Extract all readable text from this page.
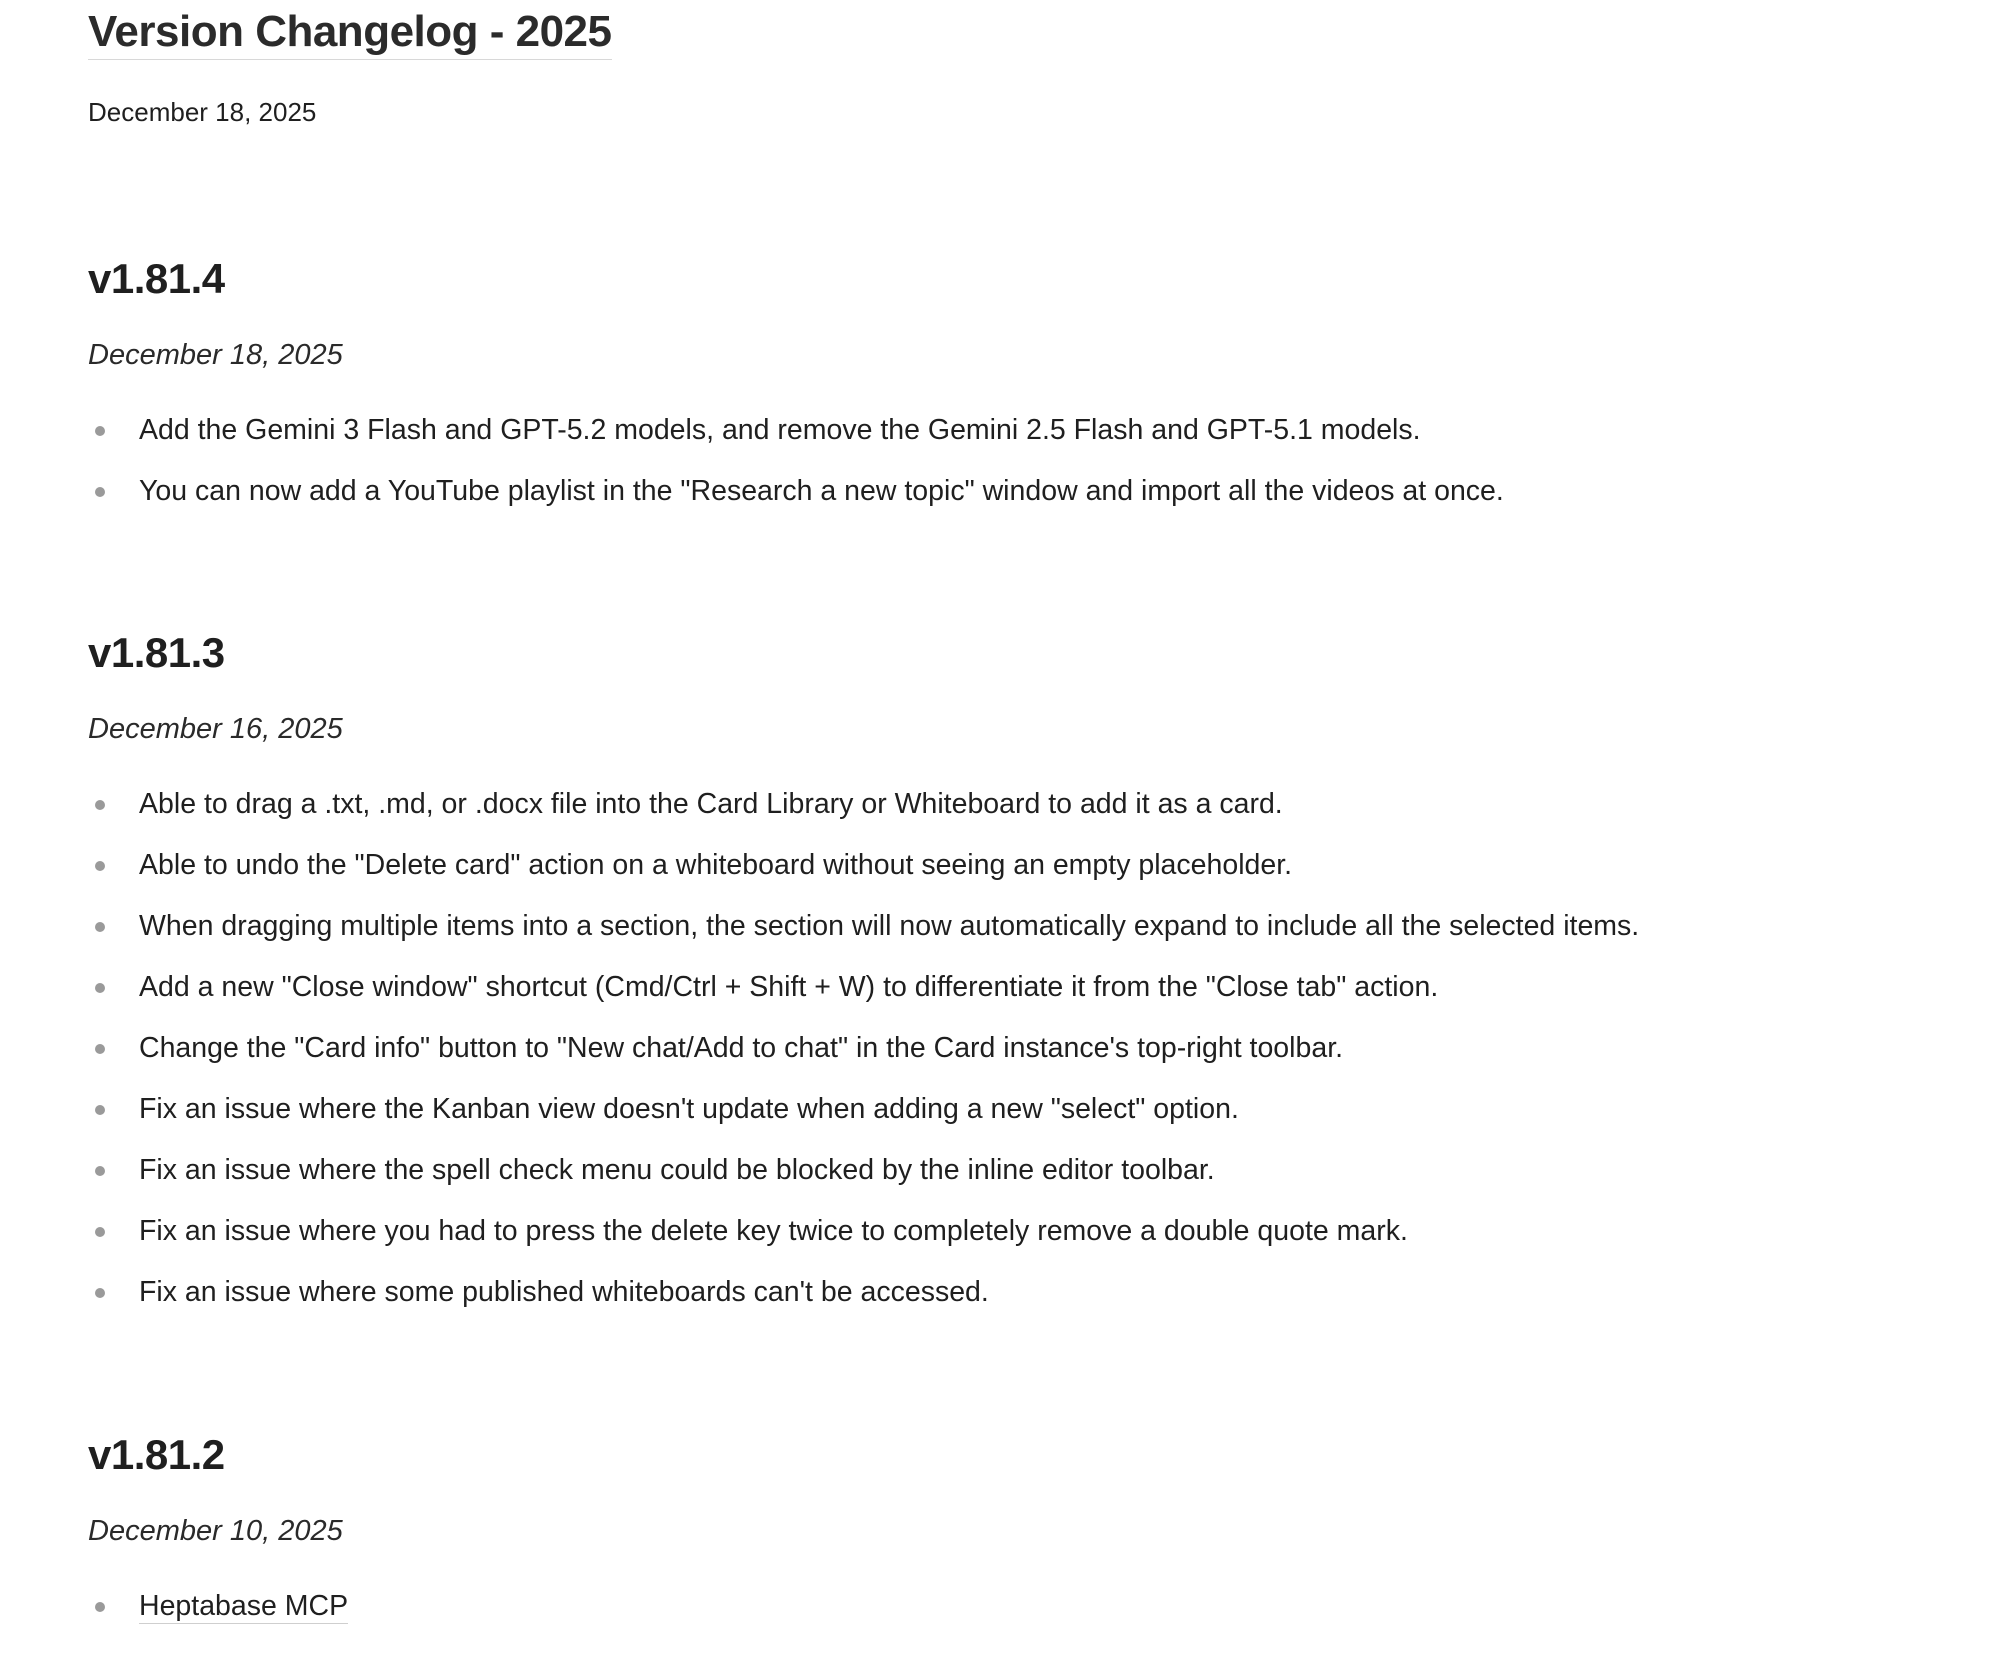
Version Changelog - 2025
December 18, 2025
v1.81.4
December 18, 2025
Add the Gemini 3 Flash and GPT-5.2 models, and remove the Gemini 2.5 Flash and GPT-5.1 models.
You can now add a YouTube playlist in the "Research a new topic" window and import all the videos at once.
v1.81.3
December 16, 2025
Able to drag a .txt, .md, or .docx file into the Card Library or Whiteboard to add it as a card.
Able to undo the "Delete card" action on a whiteboard without seeing an empty placeholder.
When dragging multiple items into a section, the section will now automatically expand to include all the selected items.
Add a new "Close window" shortcut (Cmd/Ctrl + Shift + W) to differentiate it from the "Close tab" action.
Change the "Card info" button to "New chat/Add to chat" in the Card instance's top-right toolbar.
Fix an issue where the Kanban view doesn't update when adding a new "select" option.
Fix an issue where the spell check menu could be blocked by the inline editor toolbar.
Fix an issue where you had to press the delete key twice to completely remove a double quote mark.
Fix an issue where some published whiteboards can't be accessed.
v1.81.2
December 10, 2025
Heptabase MCP
